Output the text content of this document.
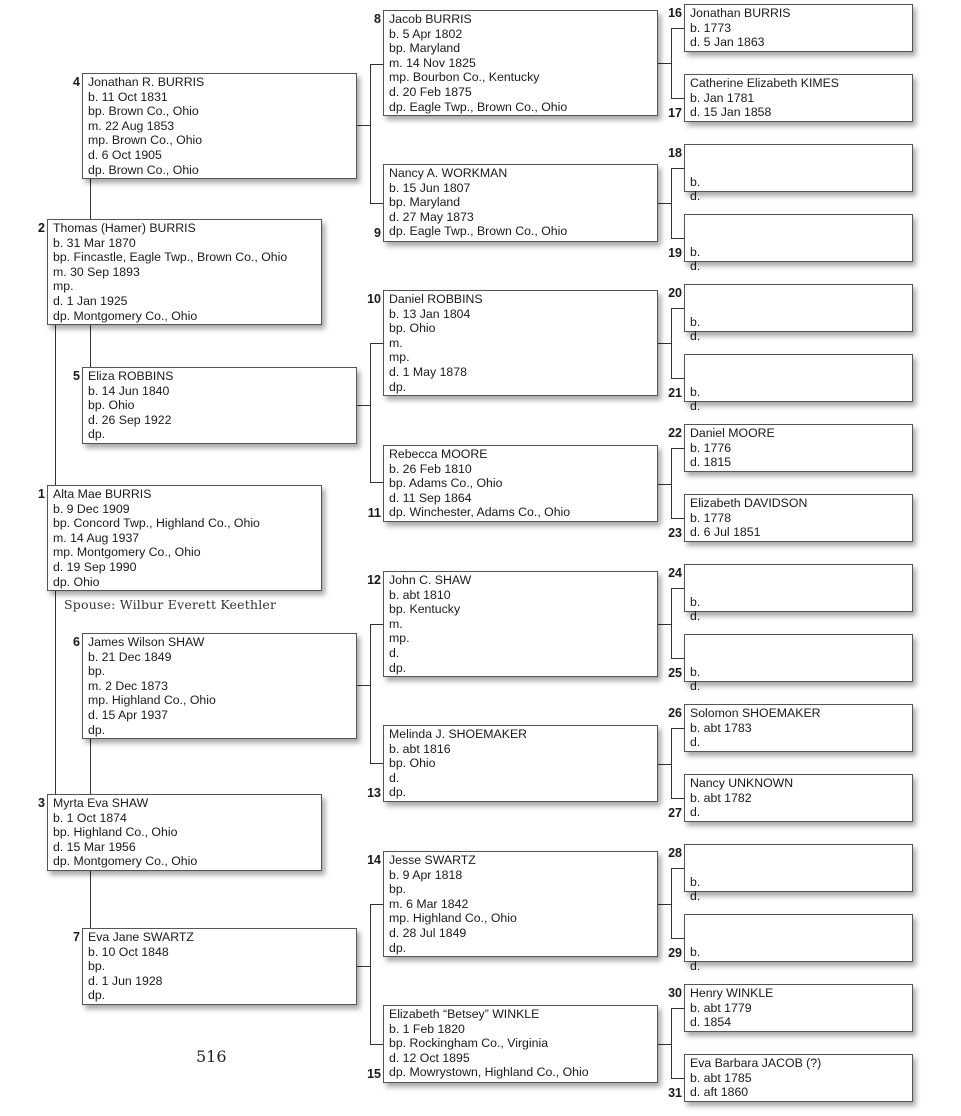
Alta Mae BURRIS
b. 9 Dec 1909
bp. Concord Twp., Highland Co., Ohio
m. 14 Aug 1937
mp. Montgomery Co., Ohio
d. 19 Sep 1990
dp. Ohio
1
Thomas (Hamer) BURRIS
b. 31 Mar 1870
bp. Fincastle, Eagle Twp., Brown Co., Ohio
m. 30 Sep 1893
mp.
d. 1 Jan 1925
dp. Montgomery Co., Ohio
2
Myrta Eva SHAW
b. 1 Oct 1874
bp. Highland Co., Ohio
d. 15 Mar 1956
dp. Montgomery Co., Ohio
3
Jonathan R. BURRIS
b. 11 Oct 1831
bp. Brown Co., Ohio
m. 22 Aug 1853
mp. Brown Co., Ohio
d. 6 Oct 1905
dp. Brown Co., Ohio
4
Eliza ROBBINS
b. 14 Jun 1840
bp. Ohio
d. 26 Sep 1922
dp.
5
James Wilson SHAW
b. 21 Dec 1849
bp.
m. 2 Dec 1873
mp. Highland Co., Ohio
d. 15 Apr 1937
dp.
6
Eva Jane SWARTZ
b. 10 Oct 1848
bp.
d. 1 Jun 1928
dp.
7
Jacob BURRIS
b. 5 Apr 1802
bp. Maryland
m. 14 Nov 1825
mp. Bourbon Co., Kentucky
d. 20 Feb 1875
dp. Eagle Twp., Brown Co., Ohio
8
Nancy A. WORKMAN
b. 15 Jun 1807
bp. Maryland
d. 27 May 1873
dp. Eagle Twp., Brown Co., Ohio
9
Daniel ROBBINS
b. 13 Jan 1804
bp. Ohio
m.
mp.
d. 1 May 1878
dp.
10
Rebecca MOORE
b. 26 Feb 1810
bp. Adams Co., Ohio
d. 11 Sep 1864
dp. Winchester, Adams Co., Ohio
11
John C. SHAW
b. abt 1810
bp. Kentucky
m.
mp.
d.
dp.
12
Melinda J. SHOEMAKER
b. abt 1816
bp. Ohio
d.
dp.
13
Jesse SWARTZ
b. 9 Apr 1818
bp.
m. 6 Mar 1842
mp. Highland Co., Ohio
d. 28 Jul 1849
dp.
14
Elizabeth “Betsey” WINKLE
b. 1 Feb 1820
bp. Rockingham Co., Virginia
d. 12 Oct 1895
dp. Mowrystown, Highland Co., Ohio
15
Jonathan BURRIS
b. 1773
d. 5 Jan 1863
16
Catherine Elizabeth KIMES
b. Jan 1781
d. 15 Jan 1858
17
b.
d.
18
b.
d.
19
b.
d.
20
b.
d.
21
Daniel MOORE
b. 1776
d. 1815
22
Elizabeth DAVIDSON
b. 1778
d. 6 Jul 1851
23
b.
d.
24
b.
d.
25
Solomon SHOEMAKER
b. abt 1783
d.
26
Nancy UNKNOWN
b. abt 1782
d.
27
b.
d.
28
b.
d.
29
Henry WINKLE
b. abt 1779
d. 1854
30
Eva Barbara JACOB (?)
b. abt 1785
d. aft 1860
31
Spouse: Wilbur Everett Keethler
516
